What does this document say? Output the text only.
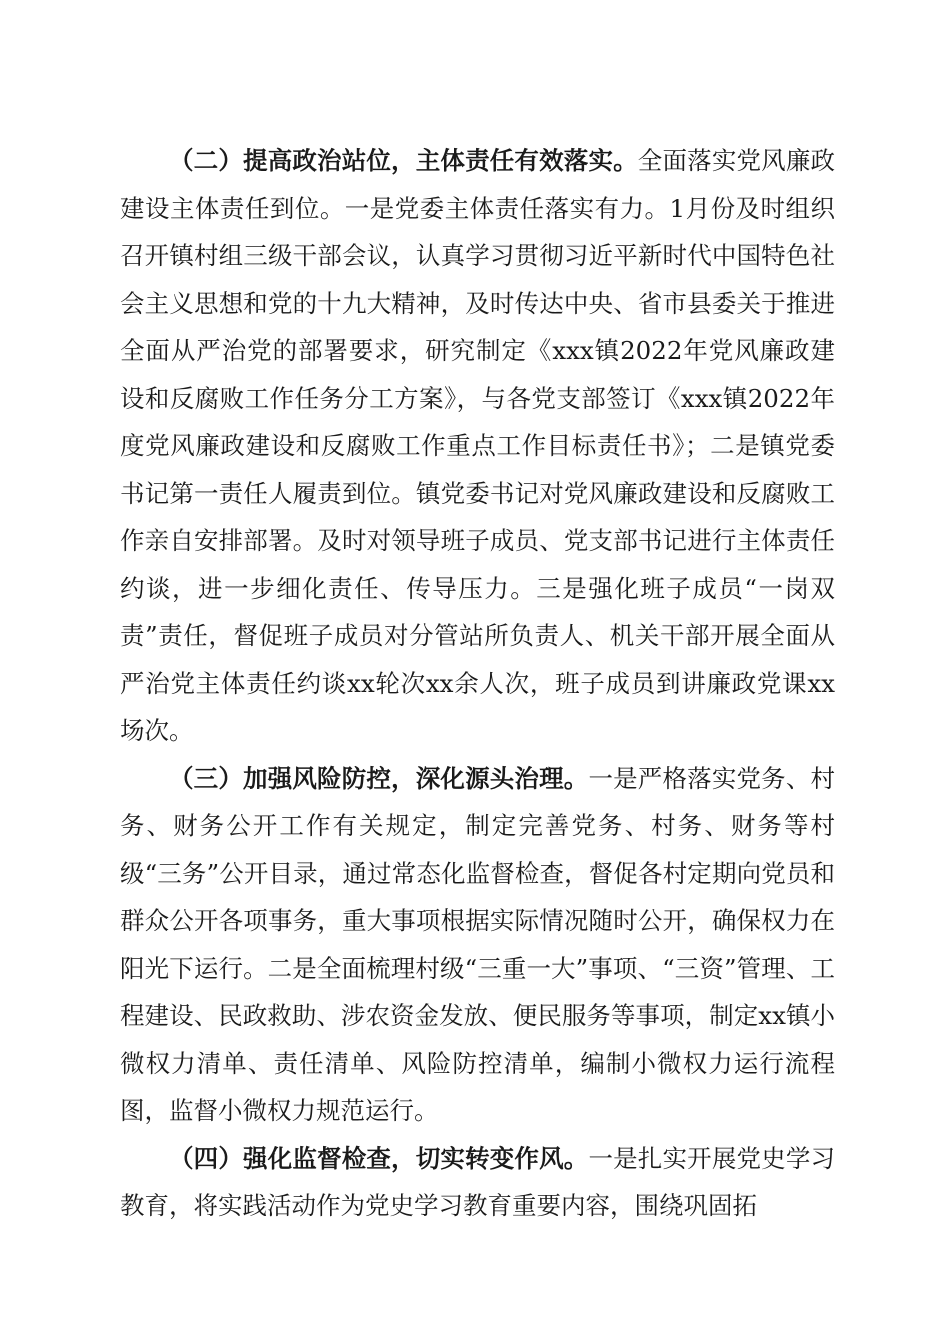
（二）提高政治站位，主体责任有效落实。全面落实党风廉政建设主体责任到位。一是党委主体责任落实有力。1月份及时组织召开镇村组三级干部会议，认真学习贯彻习近平新时代中国特色社会主义思想和党的十九大精神，及时传达中央、省市县委关于推进全面从严治党的部署要求，研究制定《xxx镇2022年党风廉政建设和反腐败工作任务分工方案》，与各党支部签订《xxx镇2022年度党风廉政建设和反腐败工作重点工作目标责任书》；二是镇党委书记第一责任人履责到位。镇党委书记对党风廉政建设和反腐败工作亲自安排部署。及时对领导班子成员、党支部书记进行主体责任约谈，进一步细化责任、传导压力。三是强化班子成员“一岗双责”责任，督促班子成员对分管站所负责人、机关干部开展全面从严治党主体责任约谈xx轮次xx余人次，班子成员到讲廉政党课xx场次。

（三）加强风险防控，深化源头治理。一是严格落实党务、村务、财务公开工作有关规定，制定完善党务、村务、财务等村级“三务”公开目录，通过常态化监督检查，督促各村定期向党员和群众公开各项事务，重大事项根据实际情况随时公开，确保权力在阳光下运行。二是全面梳理村级“三重一大”事项、“三资”管理、工程建设、民政救助、涉农资金发放、便民服务等事项，制定xx镇小微权力清单、责任清单、风险防控清单，编制小微权力运行流程图，监督小微权力规范运行。

（四）强化监督检查，切实转变作风。一是扎实开展党史学习教育，将实践活动作为党史学习教育重要内容，围绕巩固拓
